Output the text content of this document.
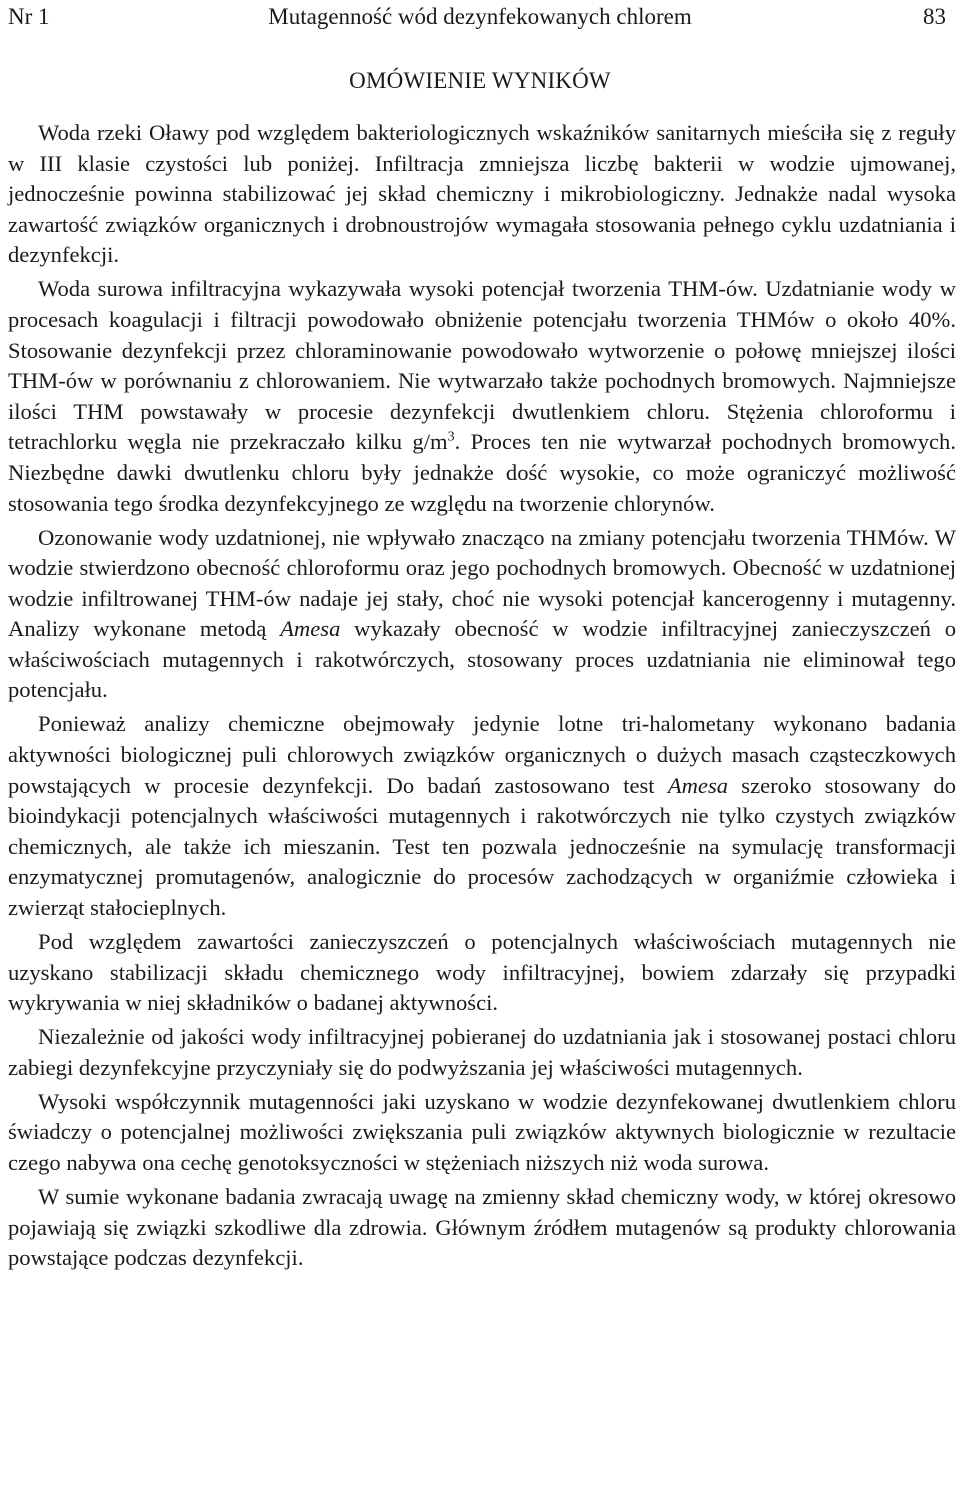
Nr 1	Mutagenność wód dezynfekowanych chlorem	83
OMÓWIENIE WYNIKÓW

Woda rzeki Oławy pod względem bakteriologicznych wskaźników sanitarnych mieściła się z reguły w III klasie czystości lub poniżej. Infiltracja zmniejsza liczbę bakterii w wodzie ujmowanej, jednocześnie powinna stabilizować jej skład chemiczny i mikrobiologiczny. Jednakże nadal wysoka zawartość związków organicznych i drobnoustrojów wymagała stosowania pełnego cyklu uzdatniania i dezynfekcji.

Woda surowa infiltracyjna wykazywała wysoki potencjał tworzenia THM-ów. Uzdatnianie wody w procesach koagulacji i filtracji powodowało obniżenie potencjału tworzenia THMów o około 40%. Stosowanie dezynfekcji przez chloraminowanie powodowało wytworzenie o połowę mniejszej ilości THM-ów w porównaniu z chlorowaniem. Nie wytwarzało także pochodnych bromowych. Najmniejsze ilości THM powstawały w procesie dezynfekcji dwutlenkiem chloru. Stężenia chloroformu i tetrachlorku węgla nie przekraczało kilku $g/m^3$. Proces ten nie wytwarzał pochodnych bromowych. Niezbędne dawki dwutlenku chloru były jednakże dość wysokie, co może ograniczyć możliwość stosowania tego środka dezynfekcyjnego ze względu na tworzenie chlorynów.

Ozonowanie wody uzdatnionej, nie wpływało znacząco na zmiany potencjału tworzenia THMów. W wodzie stwierdzono obecność chloroformu oraz jego pochodnych bromowych. Obecność w uzdatnionej wodzie infiltrowanej THM-ów nadaje jej stały, choć nie wysoki potencjał kancerogenny i mutagenny. Analizy wykonane metodą Amesa wykazały obecność w wodzie infiltracyjnej zanieczyszczeń o właściwościach mutagennych i rakotwórczych, stosowany proces uzdatniania nie eliminował tego potencjału.

Ponieważ analizy chemiczne obejmowały jedynie lotne tri-halometany wykonano badania aktywności biologicznej puli chlorowych związków organicznych o dużych masach cząsteczkowych powstających w procesie dezynfekcji. Do badań zastosowano test Amesa szeroko stosowany do bioindykacji potencjalnych właściwości mutagennych i rakotwórczych nie tylko czystych związków chemicznych, ale także ich mieszanin. Test ten pozwala jednocześnie na symulację transformacji enzymatycznej promutagenów, analogicznie do procesów zachodzących w organiźmie człowieka i zwierząt stałocieplnych.

Pod względem zawartości zanieczyszczeń o potencjalnych właściwościach mutagennych nie uzyskano stabilizacji składu chemicznego wody infiltracyjnej, bowiem zdarzały się przypadki wykrywania w niej składników o badanej aktywności.

Niezależnie od jakości wody infiltracyjnej pobieranej do uzdatniania jak i stosowanej postaci chloru zabiegi dezynfekcyjne przyczyniały się do podwyższania jej właściwości mutagennych.

Wysoki współczynnik mutagenności jaki uzyskano w wodzie dezynfekowanej dwutlenkiem chloru świadczy o potencjalnej możliwości zwiększania puli związków aktywnych biologicznie w rezultacie czego nabywa ona cechę genotoksyczności w stężeniach niższych niż woda surowa.

W sumie wykonane badania zwracają uwagę na zmienny skład chemiczny wody, w której okresowo pojawiają się związki szkodliwe dla zdrowia. Głównym źródłem mutagenów są produkty chlorowania powstające podczas dezynfekcji.
